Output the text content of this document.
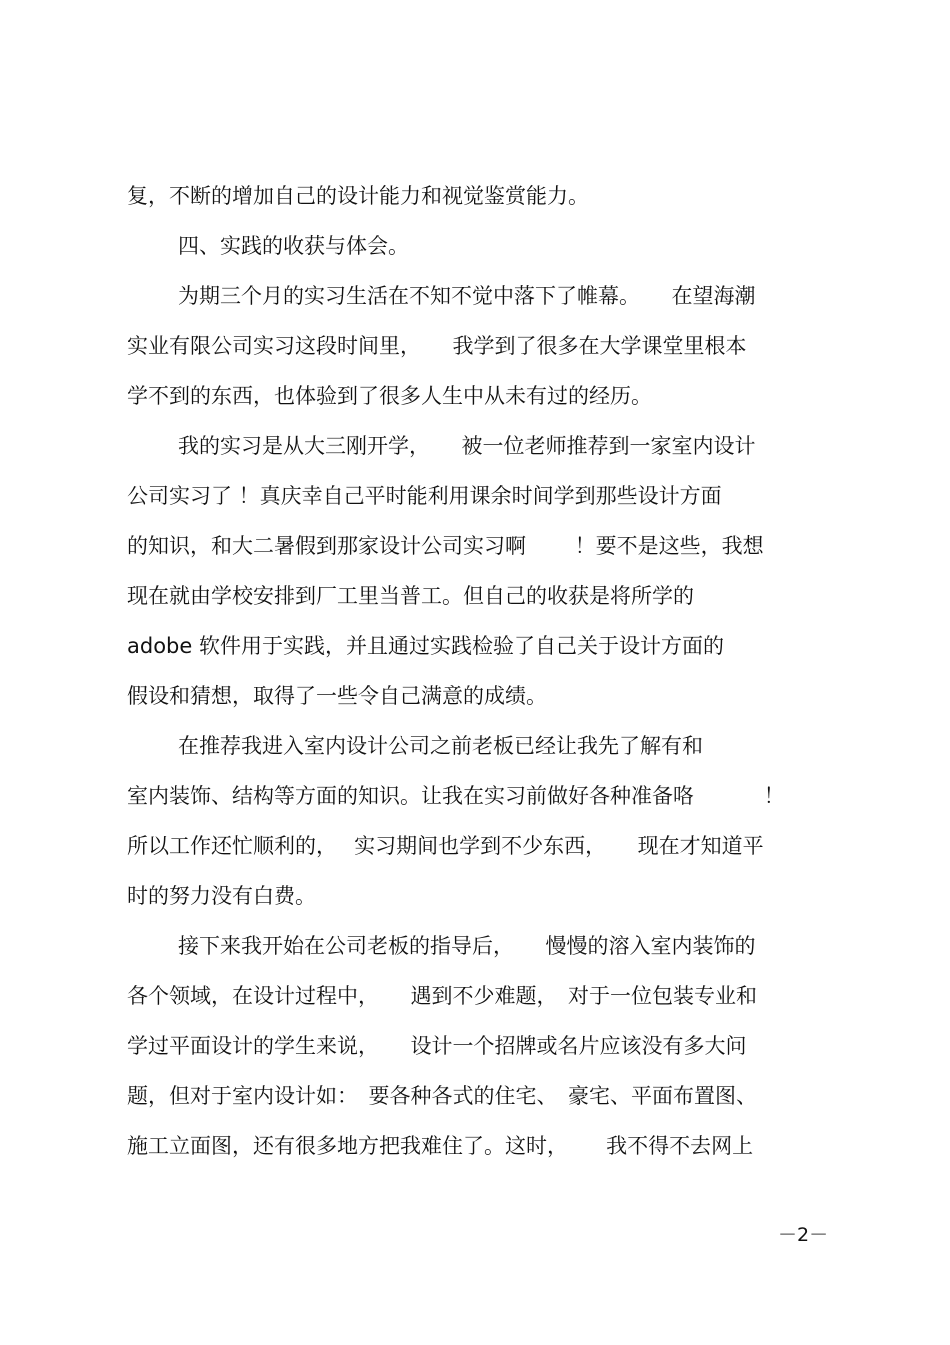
复，不断的增加自己的设计能力和视觉鉴赏能力。
四、实践的收获与体会。
为期三个月的实习生活在不知不觉中落下了帷幕。　　在望海潮
实业有限公司实习这段时间里，　　我学到了很多在大学课堂里根本
学不到的东西，也体验到了很多人生中从未有过的经历。
我的实习是从大三刚开学，　　被一位老师推荐到一家室内设计
公司实习了 ！真庆幸自己平时能利用课余时间学到那些设计方面
的知识，和大二暑假到那家设计公司实习啊　　 ！要不是这些，我想
现在就由学校安排到厂工里当普工。但自己的收获是将所学的
adobe 软件用于实践，并且通过实践检验了自己关于设计方面的
假设和猜想，取得了一些令自己满意的成绩。
在推荐我进入室内设计公司之前老板已经让我先了解有和
室内装饰、结构等方面的知识。让我在实习前做好各种准备咯　　　 ！
所以工作还忙顺利的，　 实习期间也学到不少东西，　　现在才知道平
时的努力没有白费。
接下来我开始在公司老板的指导后，　　慢慢的溶入室内装饰的
各个领域，在设计过程中，　　遇到不少难题，　对于一位包装专业和
学过平面设计的学生来说，　　设计一个招牌或名片应该没有多大问
题，但对于室内设计如：　要各种各式的住宅、　豪宅、平面布置图、
施工立面图，还有很多地方把我难住了。这时，　　 我不得不去网上
－2－
